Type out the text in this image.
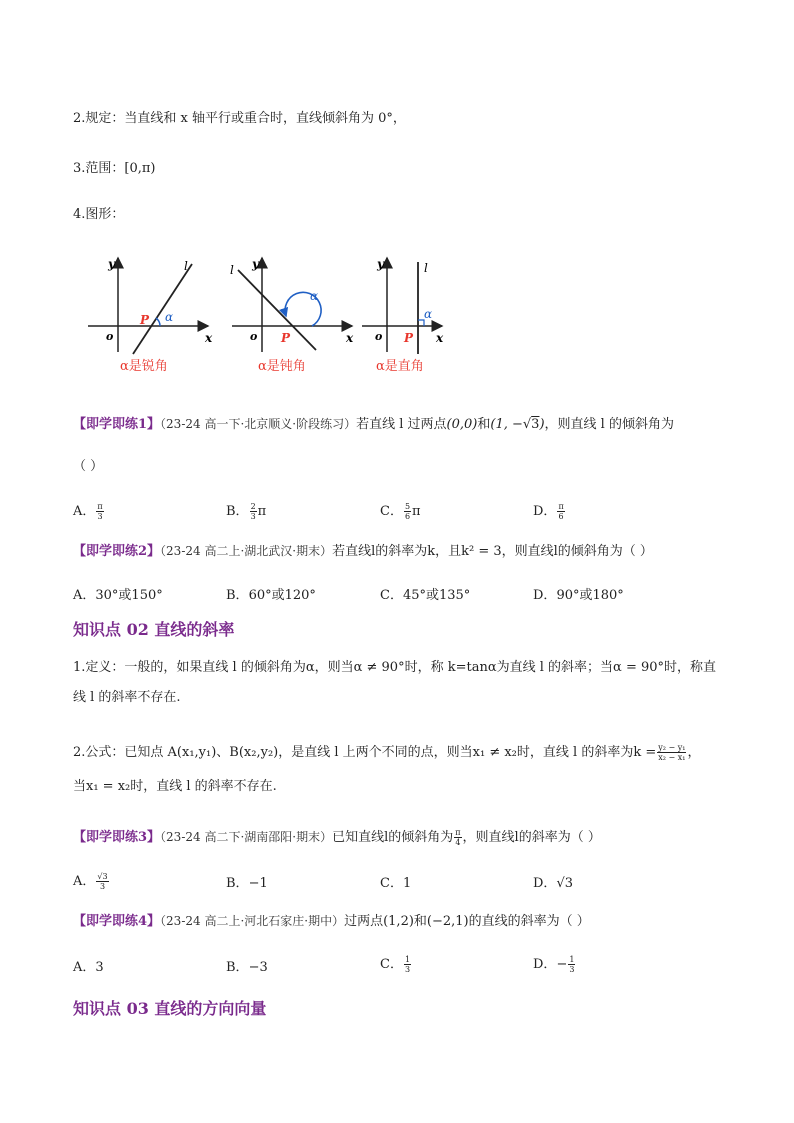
2.规定：当直线和 x 轴平行或重合时，直线倾斜角为 0°，
3.范围：[0,π)
4.图形：
y
x
o
P
l
α
α是锐角
y
x
o P
l
α
α是钝角
y
x
o P
l
α
α是直角
【即学即练1】（23-24 高一下·北京顺义·阶段练习）若直线 l 过两点(0,0)和(1, −√3)，则直线 l 的倾斜角为
（ ）
A． $\frac{\pi}{3}$	B． $\frac{2}{3}$ π	C． $\frac{5}{6}$ π	D． $\frac{\pi}{6}$
【即学即练2】（23-24 高二上·湖北武汉·期末）若直线l的斜率为k，且k² = 3，则直线l的倾斜角为（ ）
A．30°或150°	B．60°或120°	C．45°或135°	D．90°或180°
知识点 02 直线的斜率
1.定义：一般的，如果直线 l 的倾斜角为α，则当α ≠ 90°时，称 k=tanα为直线 l 的斜率；当α = 90°时，称直
线 l 的斜率不存在.
2.公式：已知点 A(x₁,y₁)、B(x₂,y₂)，是直线 l 上两个不同的点，则当x₁ ≠ x₂时，直线 l 的斜率为$k = \frac{\text{y₂ − y₁}}{\text{x₂ − x₁}}$ ，
当x₁ = x₂时，直线 l 的斜率不存在.
【即学即练3】（23-24 高二下·湖南邵阳·期末）已知直线l的倾斜角为 $\frac{\pi}{4}$ ，则直线l的斜率为（ ）
A． $\frac{√3}{3}$	B．−1	C．1	D．√3
【即学即练4】（23-24 高二上·河北石家庄·期中）过两点(1,2)和(−2,1)的直线的斜率为（ ）
A．3	B．−3	C． $\frac{1}{3}$	D．− $\frac{1}{3}$
知识点 03 直线的方向向量
